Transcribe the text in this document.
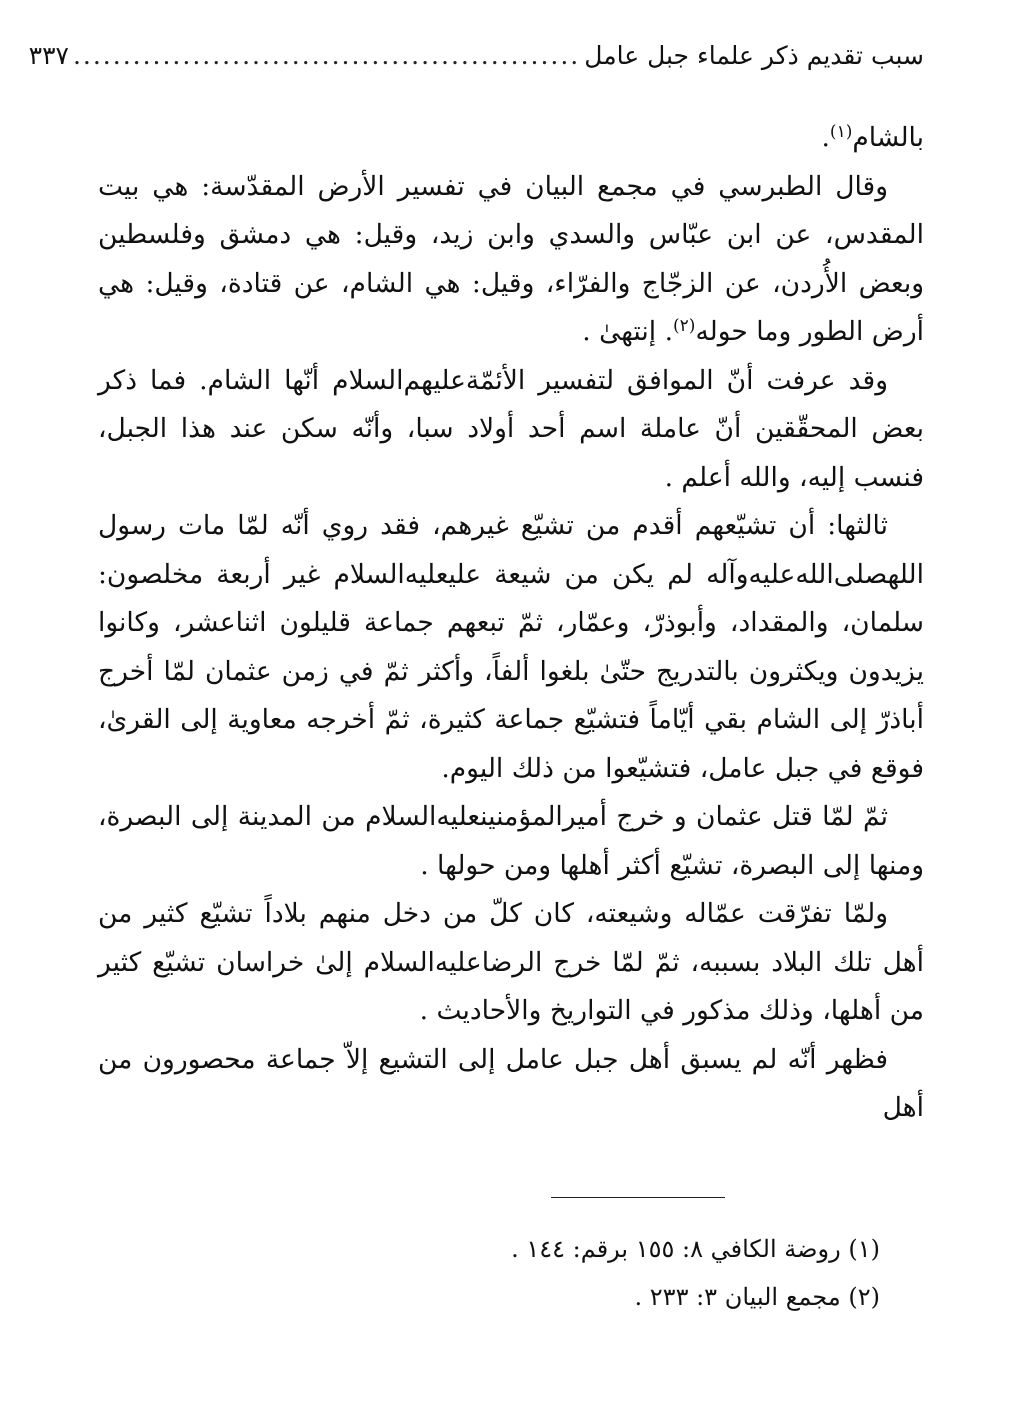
سبب تقديم ذكر علماء جبل عامل
...................................................
٣٣٧

بالشام$^{(١)}$.

وقال الطبرسي في مجمع البيان في تفسير الأرض المقدّسة: هي بيت المقدس، عن ابن عبّاس والسدي وابن زيد، وقيل: هي دمشق وفلسطين وبعض الأُردن، عن الزجّاج والفرّاء، وقيل: هي الشام، عن قتادة، وقيل: هي أرض الطور وما حوله$^{(٢)}$. إنتهىٰ .

وقد عرفت أنّ الموافق لتفسير الأئمّةعليهم‌السلام أنّها الشام. فما ذكر بعض المحقّقين أنّ عاملة اسم أحد أولاد سبا، وأنّه سكن عند هذا الجبل، فنسب إليه، والله أعلم .

ثالثها: أن تشيّعهم أقدم من تشيّع غيرهم، فقد روي أنّه لمّا مات رسول اللهصلى‌الله‌عليه‌وآله لم يكن من شيعة عليعليه‌السلام غير أربعة مخلصون: سلمان، والمقداد، وأبوذرّ، وعمّار، ثمّ تبعهم جماعة قليلون اثناعشر، وكانوا يزيدون ويكثرون بالتدريج حتّىٰ بلغوا ألفاً، وأكثر ثمّ في زمن عثمان لمّا أخرج أباذرّ إلى الشام بقي أيّاماً فتشيّع جماعة كثيرة، ثمّ أخرجه معاوية إلى القرىٰ، فوقع في جبل عامل، فتشيّعوا من ذلك اليوم.

ثمّ لمّا قتل عثمان و خرج أميرالمؤمنينعليه‌السلام من المدينة إلى البصرة، ومنها إلى البصرة، تشيّع أكثر أهلها ومن حولها .

ولمّا تفرّقت عمّاله وشيعته، كان كلّ من دخل منهم بلاداً تشيّع كثير من أهل تلك البلاد بسببه، ثمّ لمّا خرج الرضاعليه‌السلام إلىٰ خراسان تشيّع كثير من أهلها، وذلك مذكور في التواريخ والأحاديث .

فظهر أنّه لم يسبق أهل جبل عامل إلى التشيع إلاّ جماعة محصورون من أهل

(١) روضة الكافي ٨: ١٥٥ برقم: ١٤٤ .
(٢) مجمع البيان ٣: ٢٣٣ .
